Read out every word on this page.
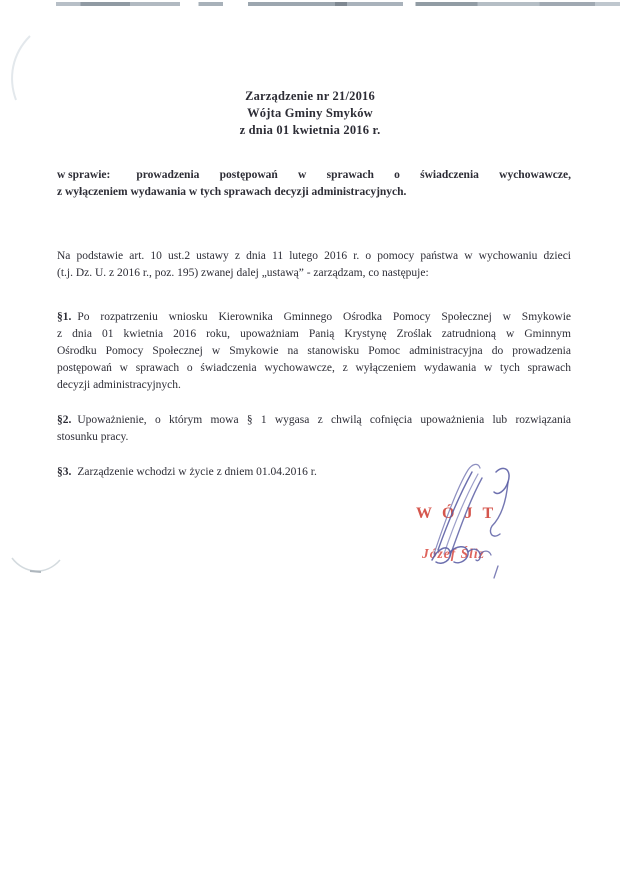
Zarządzenie nr 21/2016
Wójta Gminy Smyków
z dnia 01 kwietnia 2016 r.
w sprawie: prowadzenia postępowań w sprawach o świadczenia wychowawcze,
z wyłączeniem wydawania w tych sprawach decyzji administracyjnych.
Na podstawie art. 10 ust.2 ustawy z dnia 11 lutego 2016 r. o pomocy państwa w wychowaniu dzieci
(t.j. Dz. U. z 2016 r., poz. 195) zwanej dalej „ustawą” - zarządzam, co następuje:
§1. Po rozpatrzeniu wniosku Kierownika Gminnego Ośrodka Pomocy Społecznej w Smykowie
z dnia 01 kwietnia 2016 roku, upoważniam Panią Krystynę Zroślak zatrudnioną w Gminnym
Ośrodku Pomocy Społecznej w Smykowie na stanowisku Pomoc administracyjna do prowadzenia
postępowań w sprawach o świadczenia wychowawcze, z wyłączeniem wydawania w tych sprawach
decyzji administracyjnych.
§2. Upoważnienie, o którym mowa § 1 wygasa z chwilą cofnięcia upoważnienia lub rozwiązania
stosunku pracy.
§3. Zarządzenie wchodzi w życie z dniem 01.04.2016 r.
WÓJT
Józef Śliz
